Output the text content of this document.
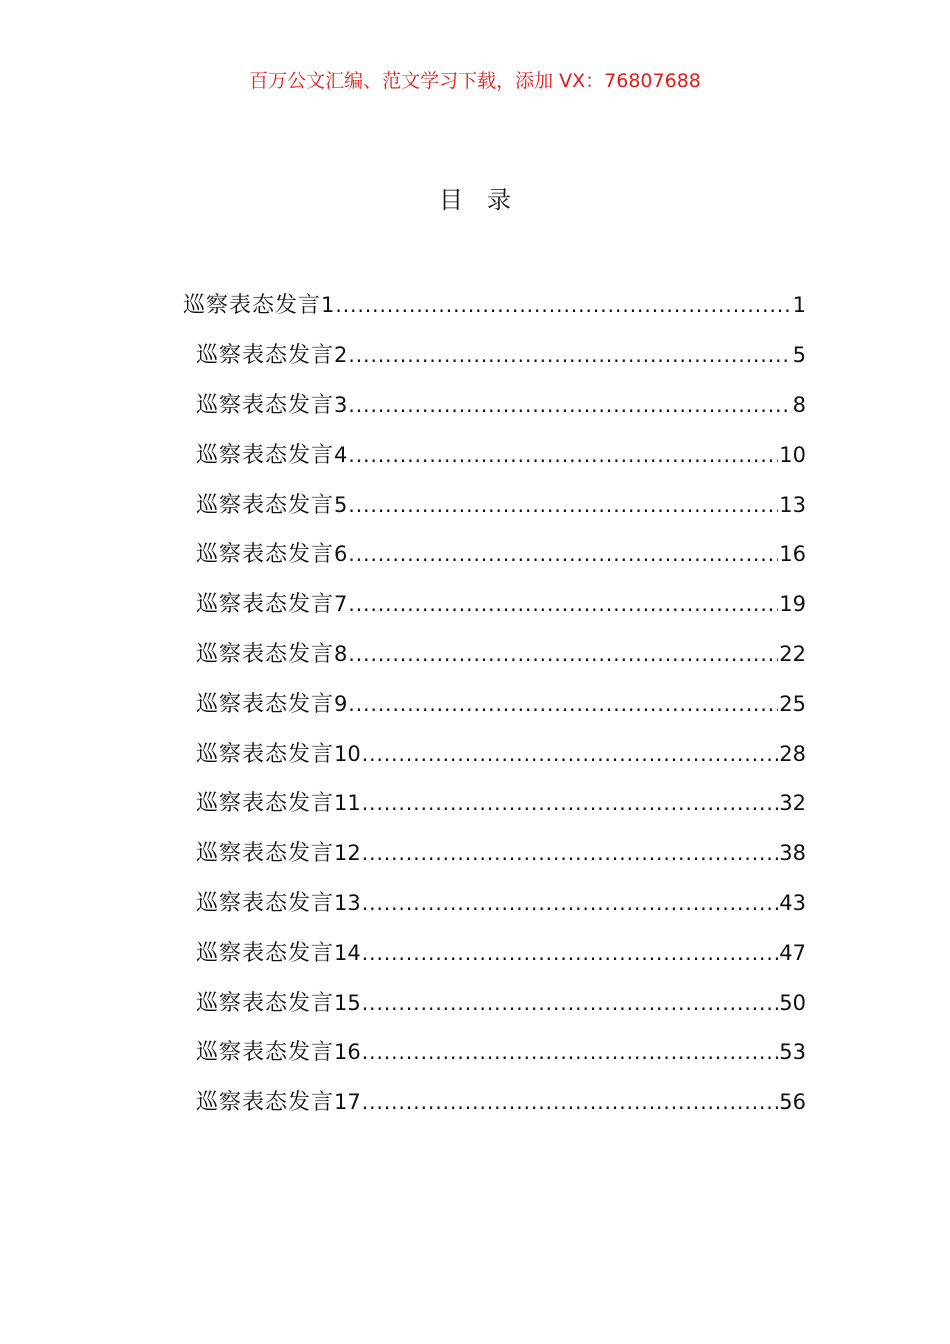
百万公文汇编、范文学习下载，添加 VX：76807688
目录
巡察表态发言 1 .....	1
巡察表态发言 2 .....	5
巡察表态发言 3 .....	8
巡察表态发言 4 .....	10
巡察表态发言 5 .....	13
巡察表态发言 6 .....	16
巡察表态发言 7 .....	19
巡察表态发言 8 .....	22
巡察表态发言 9 .....	25
巡察表态发言 10 .....	28
巡察表态发言 11 .....	32
巡察表态发言 12 .....	38
巡察表态发言 13 .....	43
巡察表态发言 14 .....	47
巡察表态发言 15 .....	50
巡察表态发言 16 .....	53
巡察表态发言 17 .....	56
